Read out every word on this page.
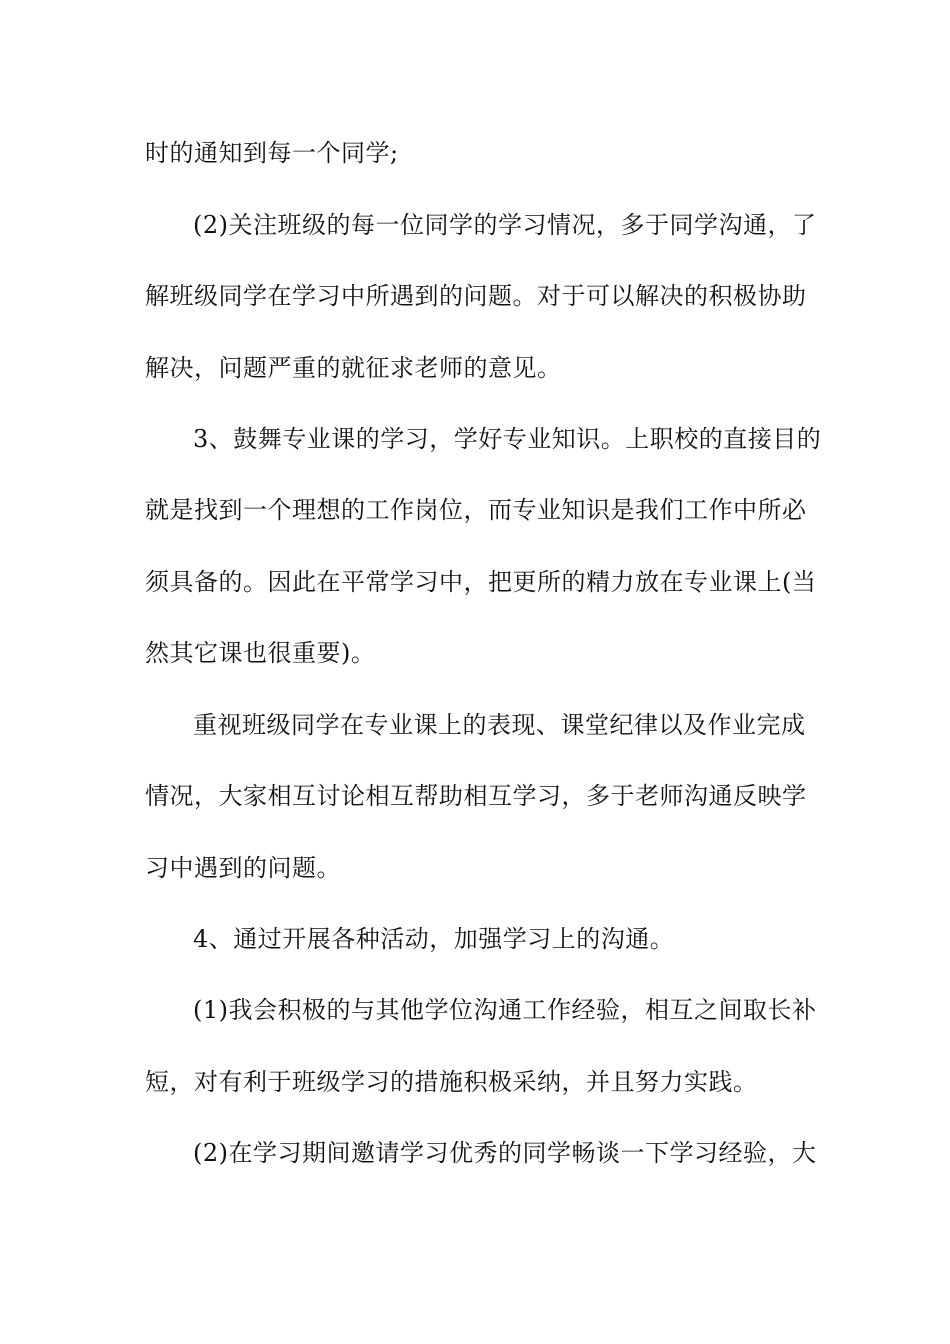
时的通知到每一个同学;

(2)关注班级的每一位同学的学习情况，多于同学沟通，了

解班级同学在学习中所遇到的问题。对于可以解决的积极协助

解决，问题严重的就征求老师的意见。

3、鼓舞专业课的学习，学好专业知识。上职校的直接目的

就是找到一个理想的工作岗位，而专业知识是我们工作中所必

须具备的。因此在平常学习中，把更所的精力放在专业课上(当

然其它课也很重要)。

重视班级同学在专业课上的表现、课堂纪律以及作业完成

情况，大家相互讨论相互帮助相互学习，多于老师沟通反映学

习中遇到的问题。

4、通过开展各种活动，加强学习上的沟通。

(1)我会积极的与其他学位沟通工作经验，相互之间取长补

短，对有利于班级学习的措施积极采纳，并且努力实践。

(2)在学习期间邀请学习优秀的同学畅谈一下学习经验，大
